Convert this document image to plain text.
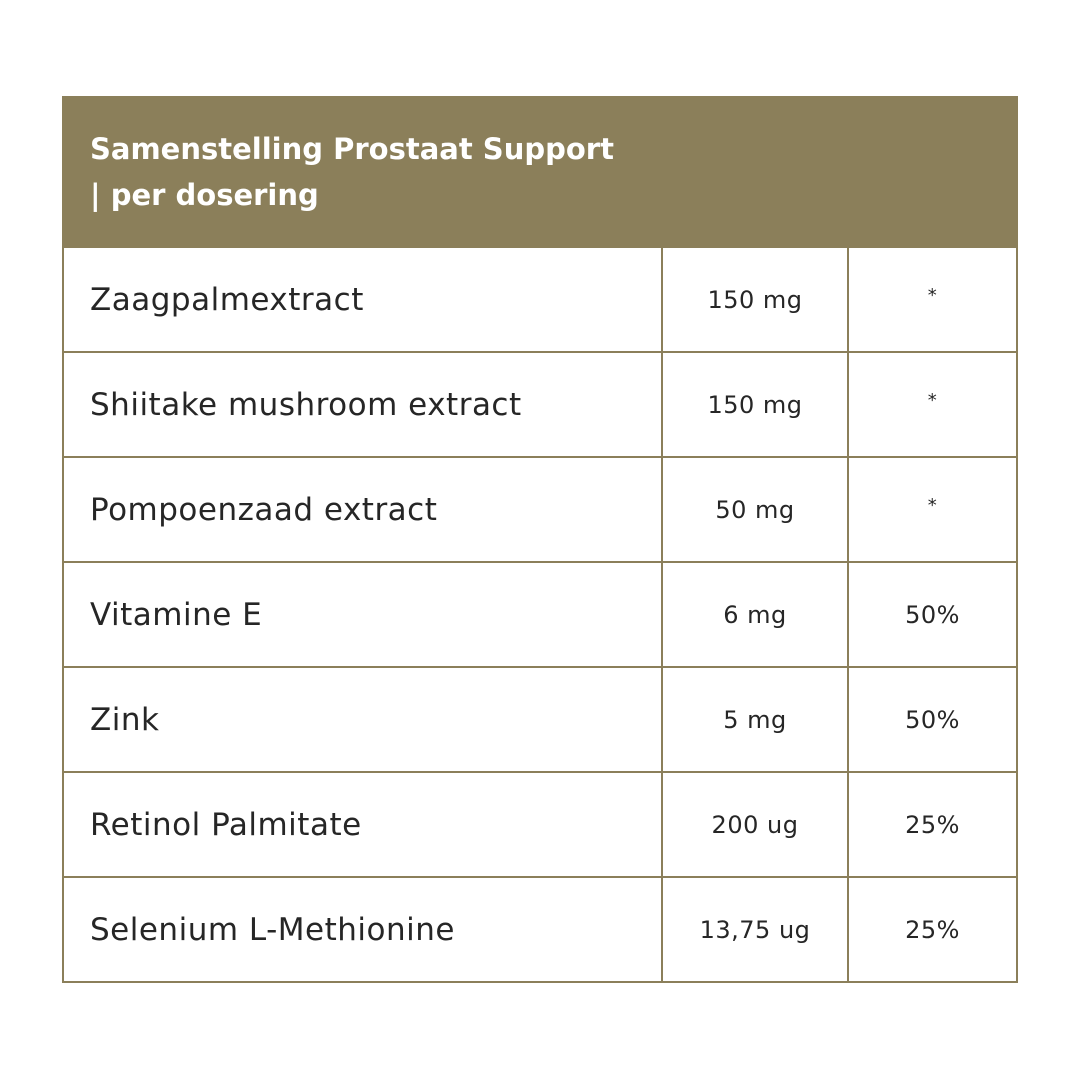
Samenstelling Prostaat Support
| per dosering

Zaagpalmextract	150 mg	*
Shiitake mushroom extract	150 mg	*
Pompoenzaad extract	50 mg	*
Vitamine E	6 mg	50%
Zink	5 mg	50%
Retinol Palmitate	200 ug	25%
Selenium L-Methionine	13,75 ug	25%
